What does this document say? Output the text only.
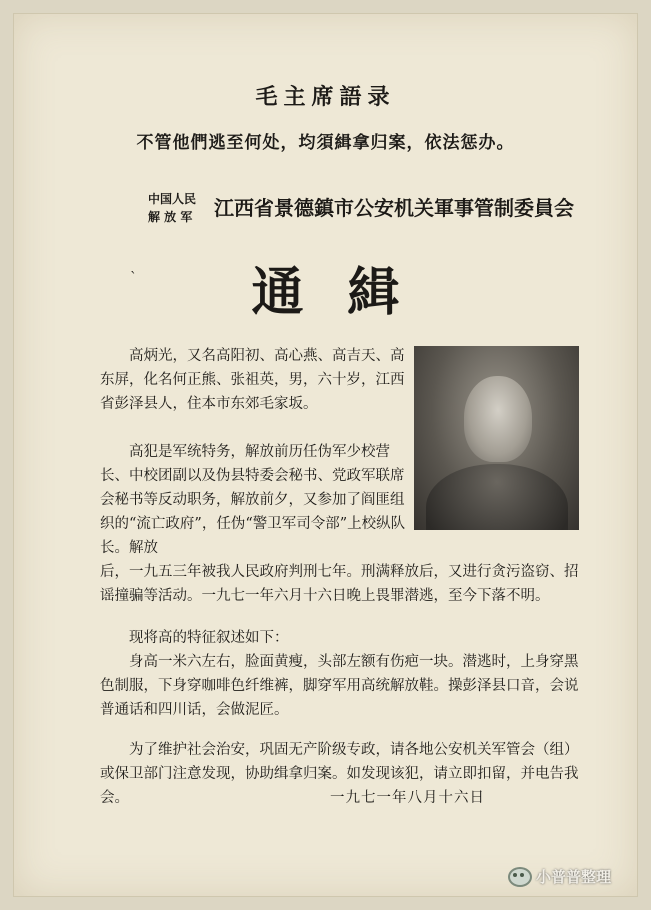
毛主席語录
不管他們逃至何处，均須緝拿归案，依法惩办。
中国人民
解 放 军	江西省景德鎮市公安机关軍事管制委員会
ˋ	通緝

高炳光，又名高阳初、高心燕、高吉天、高东屏，化名何正熊、张祖英，男，六十岁，江西省彭泽县人，住本市东郊毛家坂。

高犯是军统特务，解放前历任伪军少校营长、中校团副以及伪县特委会秘书、党政军联席会秘书等反动职务，解放前夕，又参加了阎匪组织的“流亡政府”，任伪“警卫军司令部”上校纵队长。解放

后，一九五三年被我人民政府判刑七年。刑满释放后，又进行贪污盗窃、招谣撞骗等活动。一九七一年六月十六日晚上畏罪潜逃，至今下落不明。

现将高的特征叙述如下：

身高一米六左右，脸面黄瘦，头部左额有伤疤一块。潜逃时，上身穿黑色制服，下身穿咖啡色纤维裤，脚穿军用高统解放鞋。操彭泽县口音，会说普通话和四川话，会做泥匠。

为了维护社会治安，巩固无产阶级专政，请各地公安机关军管会（组）或保卫部门注意发现，协助缉拿归案。如发现该犯，请立即扣留，并电告我会。	一九七一年八月十六日
小普普整理
